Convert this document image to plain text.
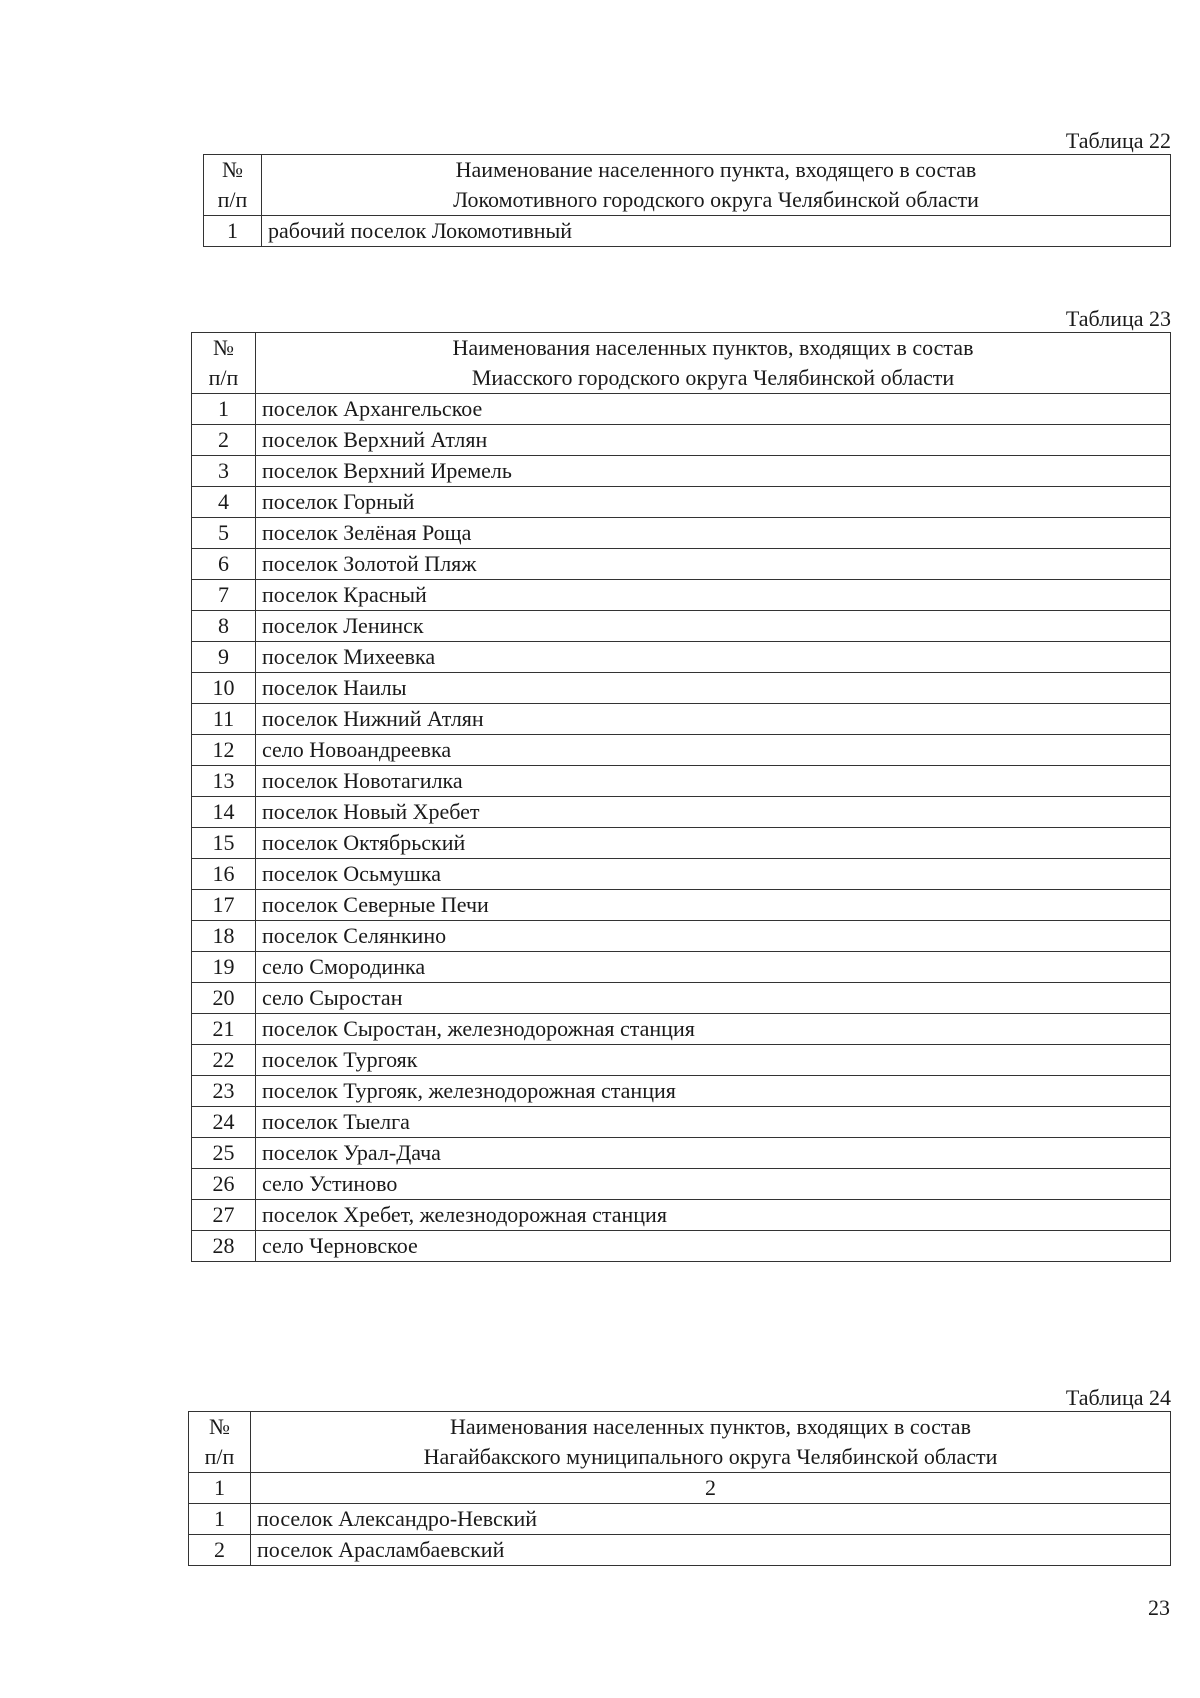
Таблица 22
№
п/п	Наименование населенного пункта, входящего в состав
Локомотивного городского округа Челябинской области

1	рабочий поселок Локомотивный
Таблица 23
№
п/п	Наименования населенных пунктов, входящих в состав
Миасского городского округа Челябинской области

1	поселок Архангельское
2	поселок Верхний Атлян
3	поселок Верхний Иремель
4	поселок Горный
5	поселок Зелёная Роща
6	поселок Золотой Пляж
7	поселок Красный
8	поселок Ленинск
9	поселок Михеевка
10	поселок Наилы
11	поселок Нижний Атлян
12	село Новоандреевка
13	поселок Новотагилка
14	поселок Новый Хребет
15	поселок Октябрьский
16	поселок Осьмушка
17	поселок Северные Печи
18	поселок Селянкино
19	село Смородинка
20	село Сыростан
21	поселок Сыростан, железнодорожная станция
22	поселок Тургояк
23	поселок Тургояк, железнодорожная станция
24	поселок Тыелга
25	поселок Урал-Дача
26	село Устиново
27	поселок Хребет, железнодорожная станция
28	село Черновское
Таблица 24
№
п/п	Наименования населенных пунктов, входящих в состав
Нагайбакского муниципального округа Челябинской области

1	2
1	поселок Александро-Невский
2	поселок Арасламбаевский
23
